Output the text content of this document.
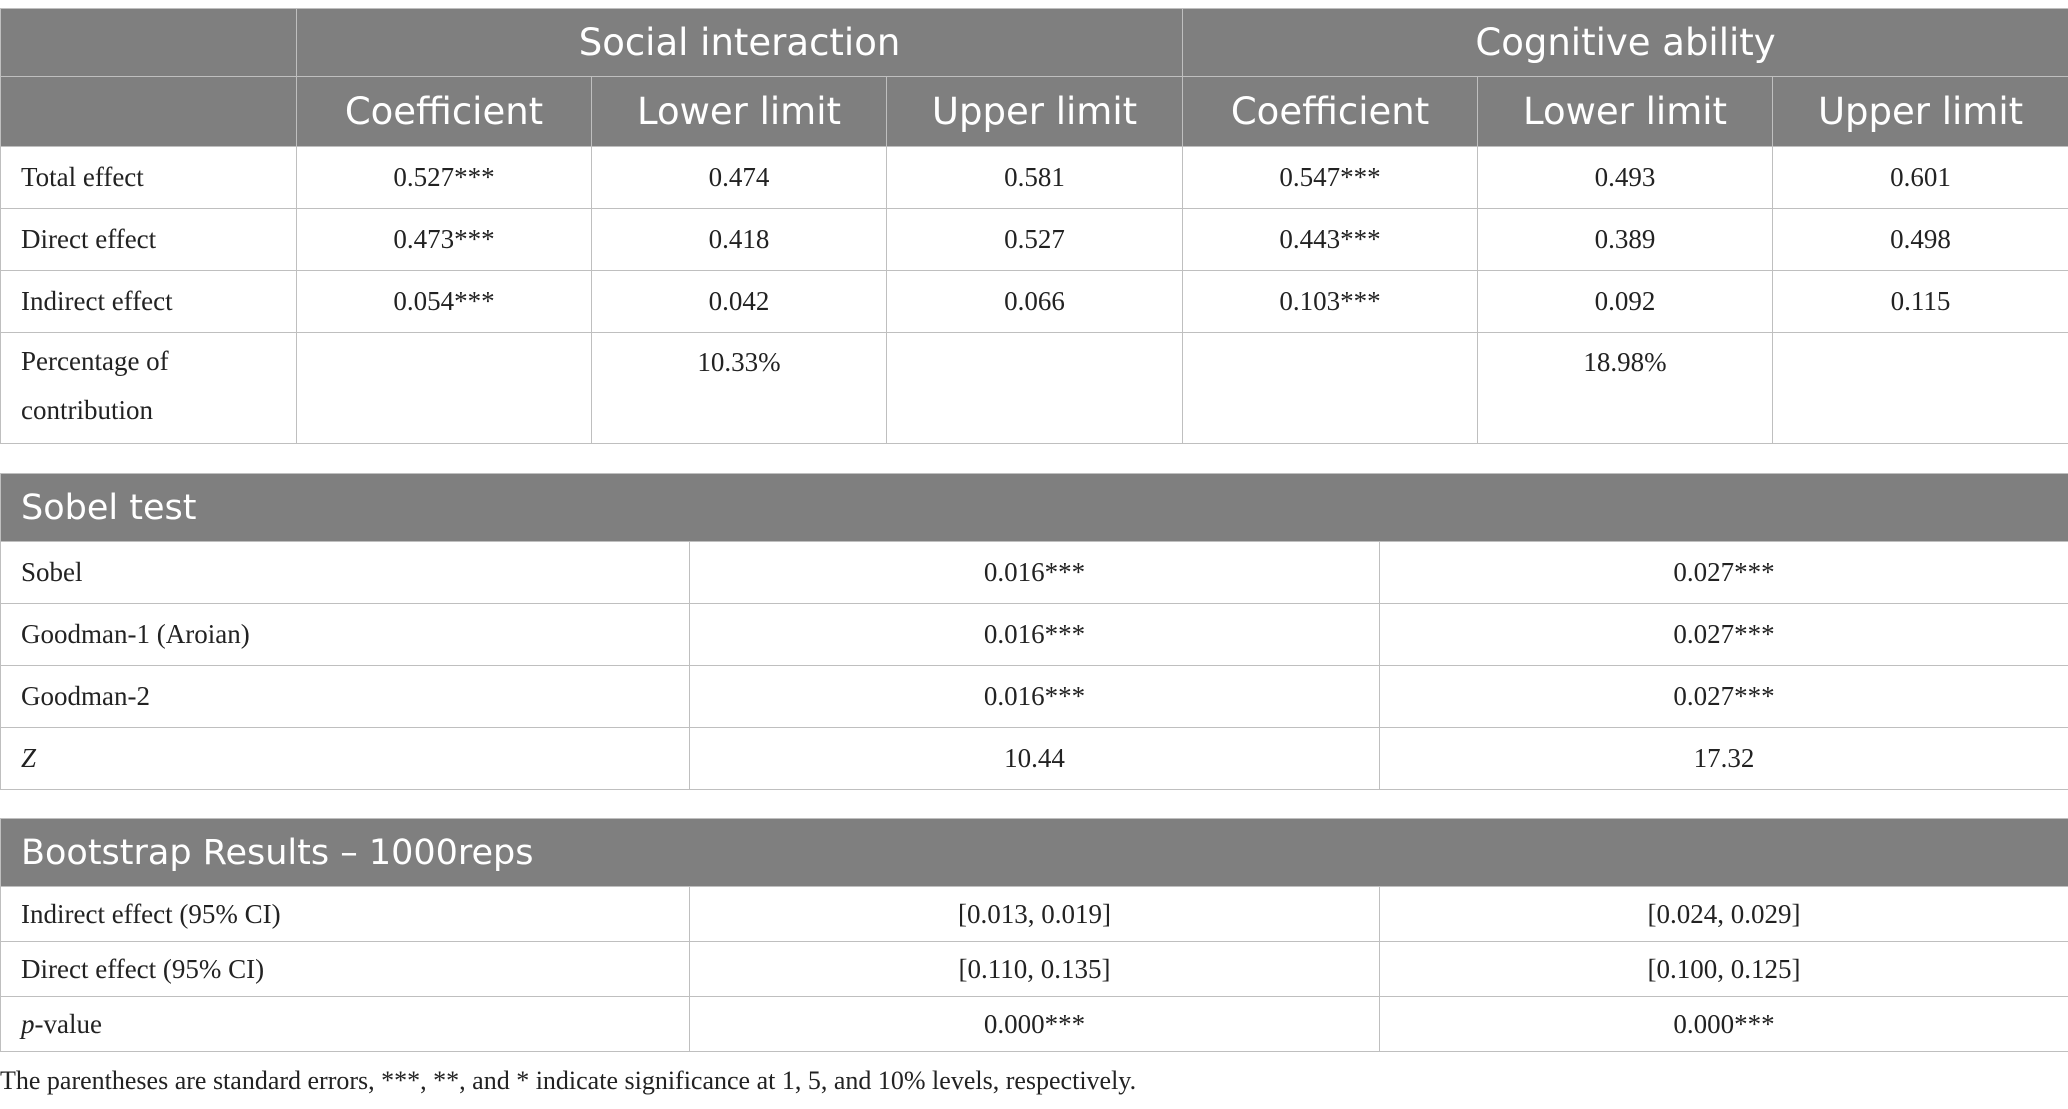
	Social interaction			Cognitive ability		
	Coefficient	Lower limit	Upper limit	Coefficient	Lower limit	Upper limit
Total effect	0.527***	0.474	0.581	0.547***	0.493	0.601
Direct effect	0.473***	0.418	0.527	0.443***	0.389	0.498
Indirect effect	0.054***	0.042	0.066	0.103***	0.092	0.115
Percentage of
contribution		10.33%			18.98%	
Sobel test		
Sobel	0.016***	0.027***
Goodman-1 (Aroian)	0.016***	0.027***
Goodman-2	0.016***	0.027***
Z	10.44	17.32
Bootstrap Results – 1000reps		
Indirect effect (95% CI)	[0.013, 0.019]	[0.024, 0.029]
Direct effect (95% CI)	[0.110, 0.135]	[0.100, 0.125]
p-value	0.000***	0.000***
The parentheses are standard errors, ***, **, and * indicate significance at 1, 5, and 10% levels, respectively.
